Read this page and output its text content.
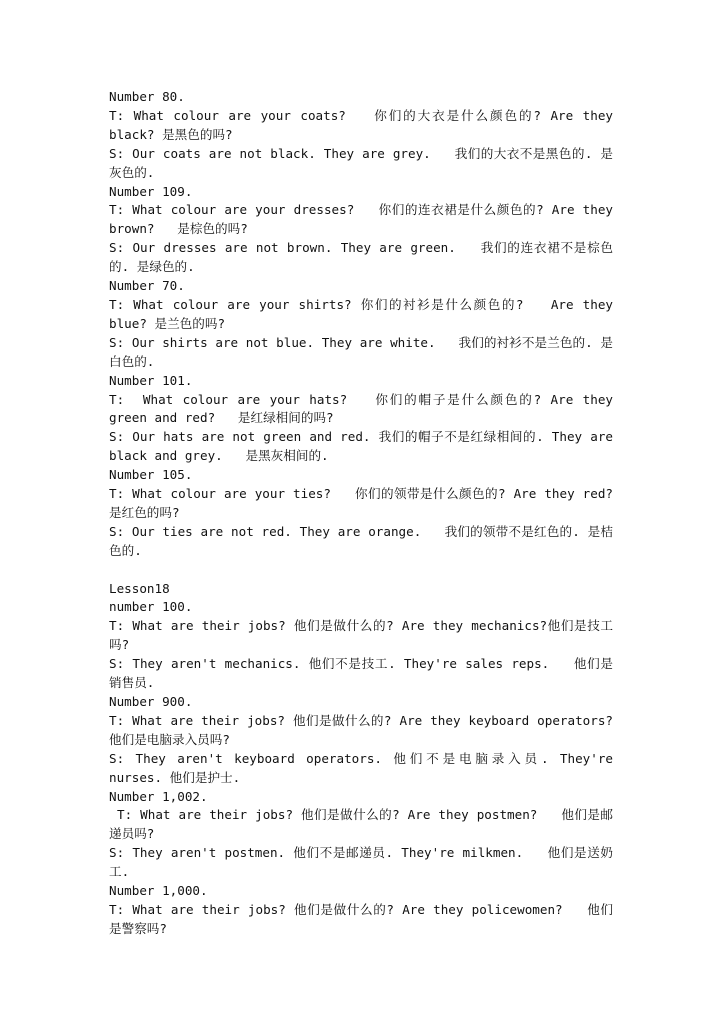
Number 80.

T: What colour are your coats?   你们的大衣是什么颜色的? Are they black? 是黑色的吗?

S: Our coats are not black. They are grey.   我们的大衣不是黑色的. 是灰色的.

Number 109.

T: What colour are your dresses?   你们的连衣裙是什么颜色的? Are they brown?   是棕色的吗?

S: Our dresses are not brown. They are green.   我们的连衣裙不是棕色的. 是绿色的.

Number 70.

T: What colour are your shirts? 你们的衬衫是什么颜色的?   Are they blue? 是兰色的吗?

S: Our shirts are not blue. They are white.   我们的衬衫不是兰色的. 是白色的.

Number 101.

T:  What colour are your hats?   你们的帽子是什么颜色的? Are they green and red?   是红绿相间的吗?

S: Our hats are not green and red. 我们的帽子不是红绿相间的. They are black and grey.   是黑灰相间的.

Number 105.

T: What colour are your ties?   你们的领带是什么颜色的? Are they red? 是红色的吗?

S: Our ties are not red. They are orange.   我们的领带不是红色的. 是桔色的.

Lesson18

number 100.

T: What are their jobs? 他们是做什么的? Are they mechanics?他们是技工吗?

S: They aren't mechanics. 他们不是技工. They're sales reps.   他们是销售员.

Number 900.

T: What are their jobs? 他们是做什么的? Are they keyboard operators?   他们是电脑录入员吗?

S: They aren't keyboard operators. 他们不是电脑录入员. They're nurses. 他们是护士.

Number 1,002.

T: What are their jobs? 他们是做什么的? Are they postmen?   他们是邮递员吗?

S: They aren't postmen. 他们不是邮递员. They're milkmen.   他们是送奶工.

Number 1,000.

T: What are their jobs? 他们是做什么的? Are they policewomen?   他们是警察吗?
